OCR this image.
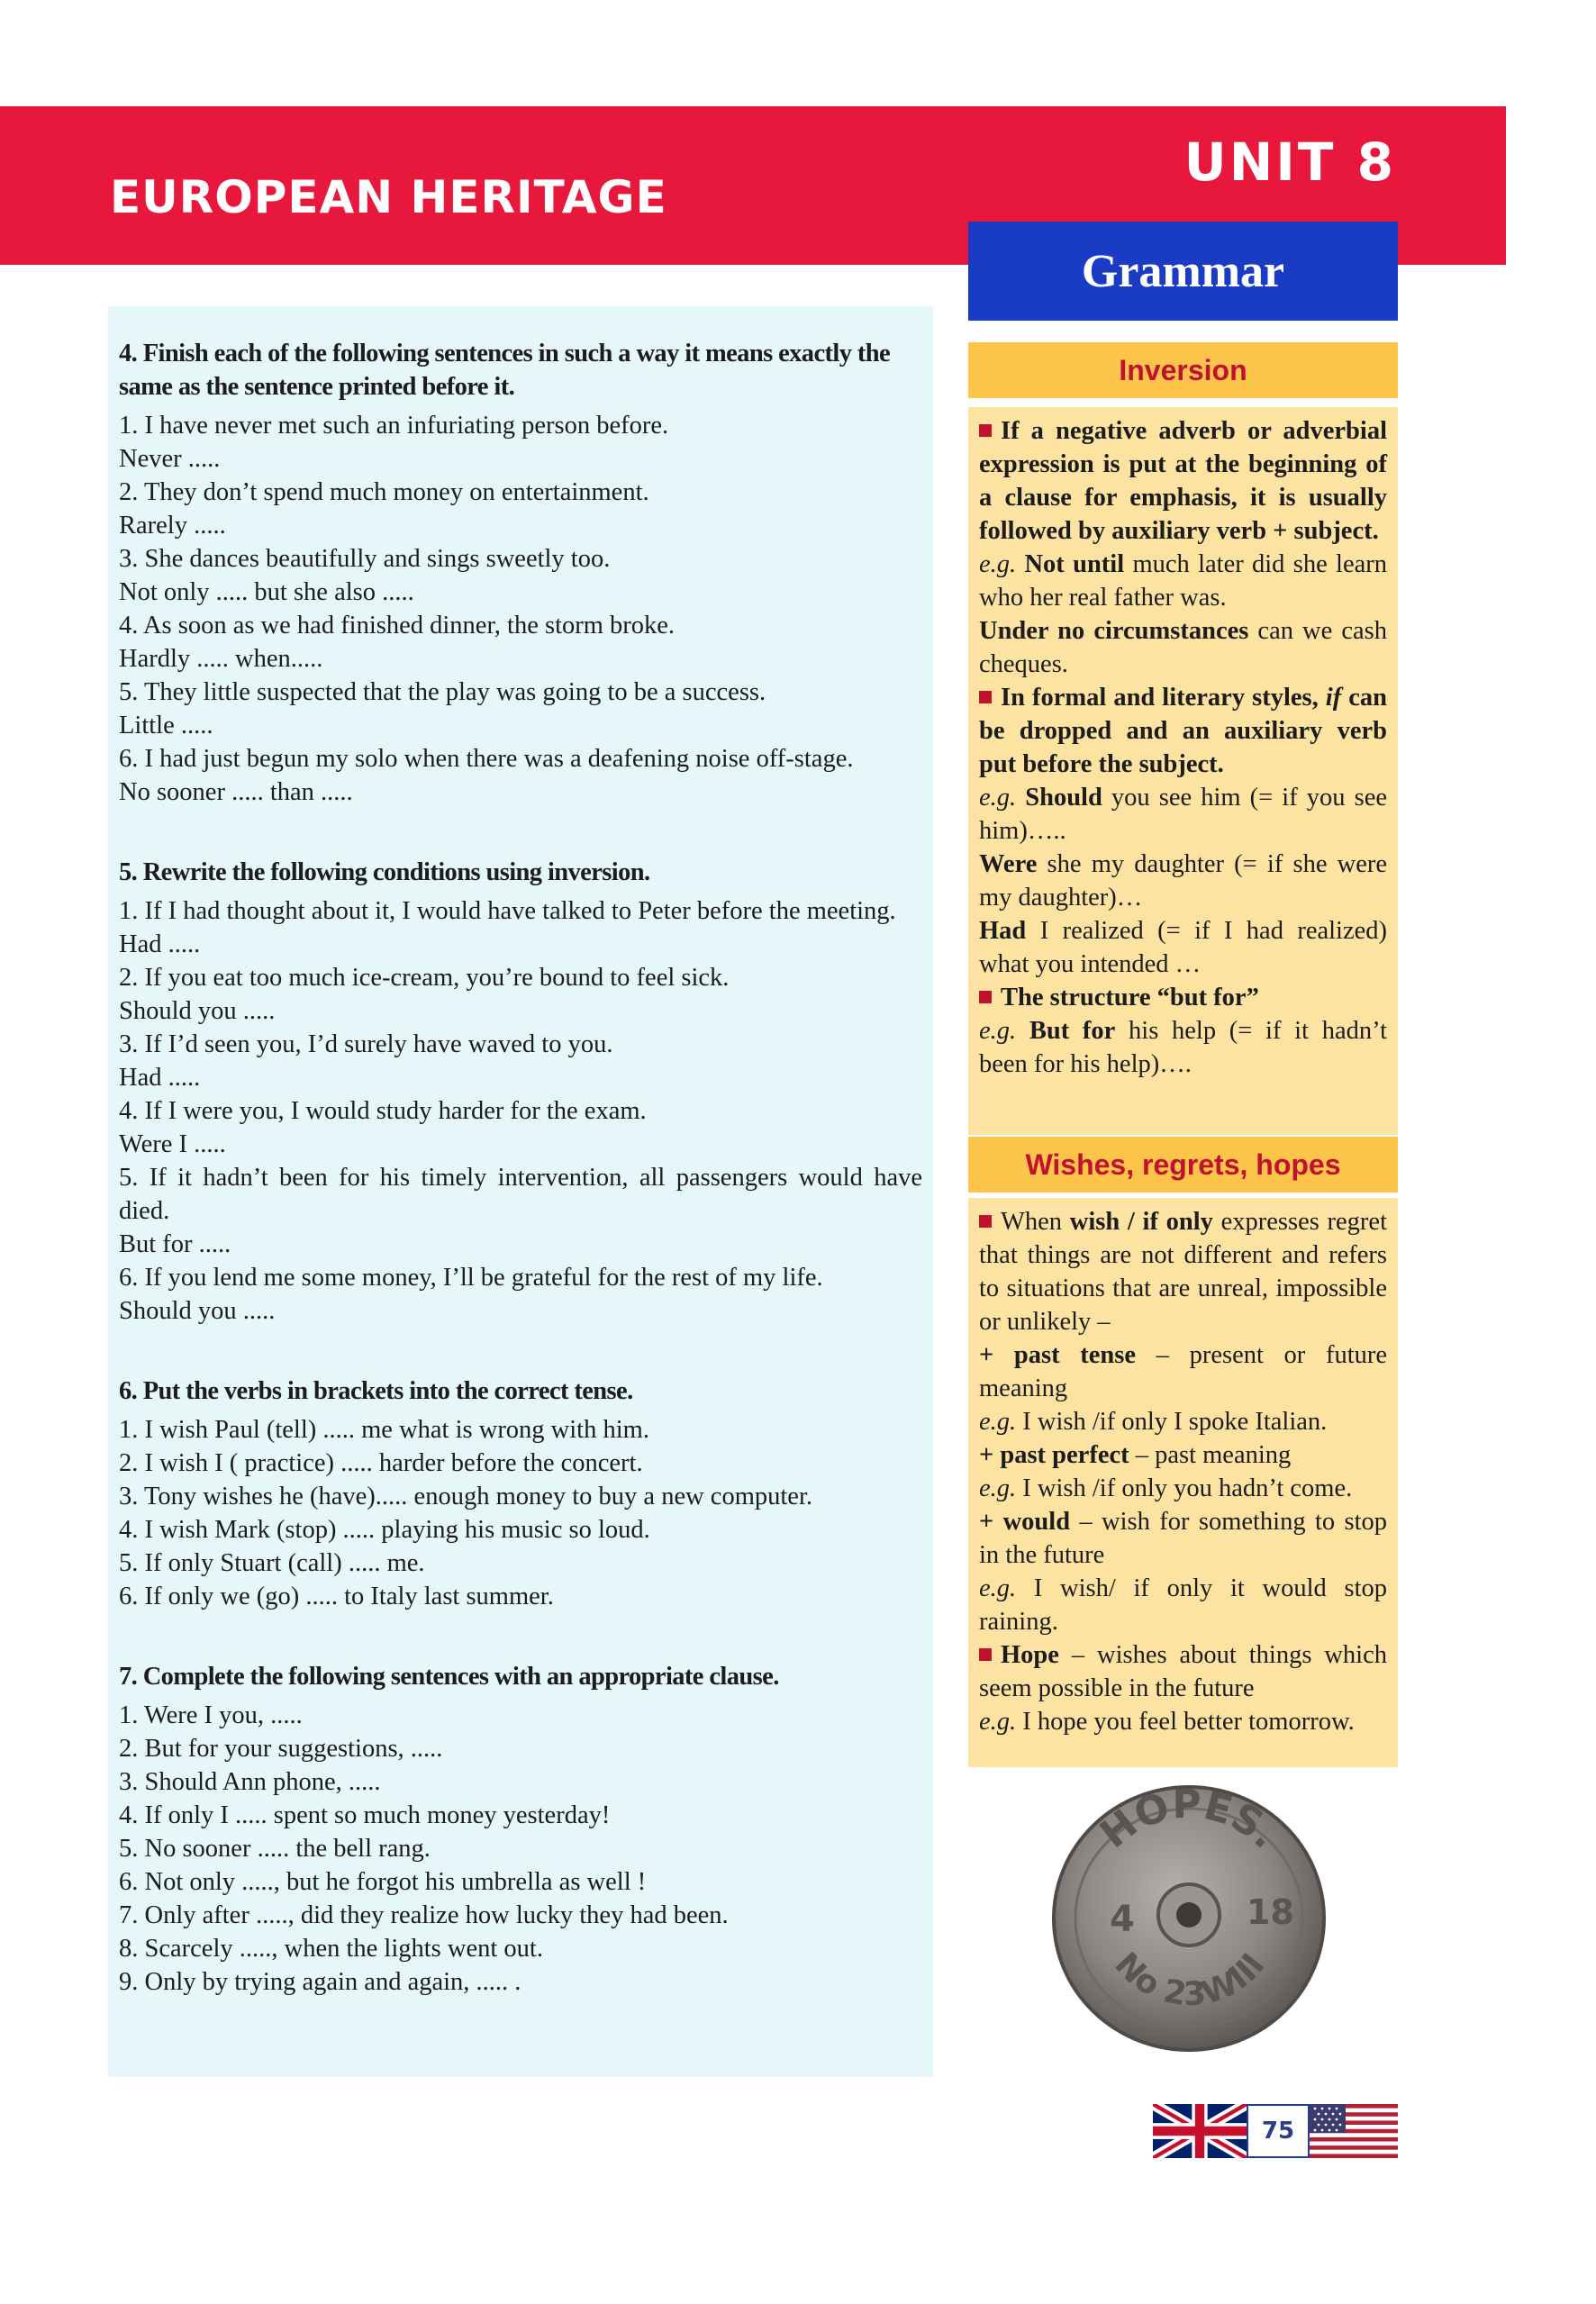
EUROPEAN HERITAGE
UNIT 8
Grammar
4. Finish each of the following sentences in such a way it means exactly the same as the sentence printed before it.
1. I have never met such an infuriating person before.
Never .....
2. They don’t spend much money on entertainment.
Rarely .....
3. She dances beautifully and sings sweetly too.
Not only ..... but she also .....
4. As soon as we had finished dinner, the storm broke.
Hardly ..... when.....
5. They little suspected that the play was going to be a success.
Little .....
6. I had just begun my solo when there was a deafening noise off-stage.
No sooner ..... than .....
5. Rewrite the following conditions using inversion.
1. If I had thought about it, I would have talked to Peter before the meeting.
Had .....
2. If you eat too much ice-cream, you’re bound to feel sick.
Should you .....
3. If I’d seen you, I’d surely have waved to you.
Had .....
4. If I were you, I would study harder for the exam.
Were I .....
5. If it hadn’t been for his timely intervention, all passengers would have died.
But for .....
6. If you lend me some money, I’ll be grateful for the rest of my life.
Should you .....
6. Put the verbs in brackets into the correct tense.
1. I wish Paul (tell) ..... me what is wrong with him.
2. I wish I ( practice) ..... harder before the concert.
3. Tony wishes he (have)..... enough money to buy a new computer.
4. I wish Mark (stop) ..... playing his music so loud.
5. If only Stuart (call) ..... me.
6. If only we (go) ..... to Italy last summer.
7. Complete the following sentences with an appropriate clause.
1. Were I you, .....
2. But for your suggestions, .....
3. Should Ann phone, .....
4. If only I ..... spent so much money yesterday!
5. No sooner ..... the bell rang.
6. Not only ....., but he forgot his umbrella as well !
7. Only after ....., did they realize how lucky they had been.
8. Scarcely ....., when the lights went out.
9. Only by trying again and again, ..... .
Inversion
If a negative adverb or adverbial expression is put at the beginning of a clause for emphasis, it is usually followed by auxiliary verb + subject.
e.g. Not until much later did she learn who her real father was.
Under no circumstances can we cash cheques.
In formal and literary styles, if can be dropped and an auxiliary verb put before the subject.
e.g. Should you see him (= if you see him)…..
Were she my daughter (= if she were my daughter)…
Had I realized (= if I had realized) what you intended …
The structure “but for”
e.g. But for his help (= if it hadn’t been for his help)….
Wishes, regrets, hopes
When wish / if only expresses regret that things are not different and refers to situations that are unreal, impossible or unlikely –
+ past tense – present or future meaning
e.g. I wish /if only I spoke Italian.
+ past perfect – past meaning
e.g. I wish /if only you hadn’t come.
+ would – wish for something to stop in the future
e.g. I wish/ if only it would stop raining.
Hope – wishes about things which seem possible in the future
e.g. I hope you feel better tomorrow.
HOPES.
4	18
No 23WIII
75
